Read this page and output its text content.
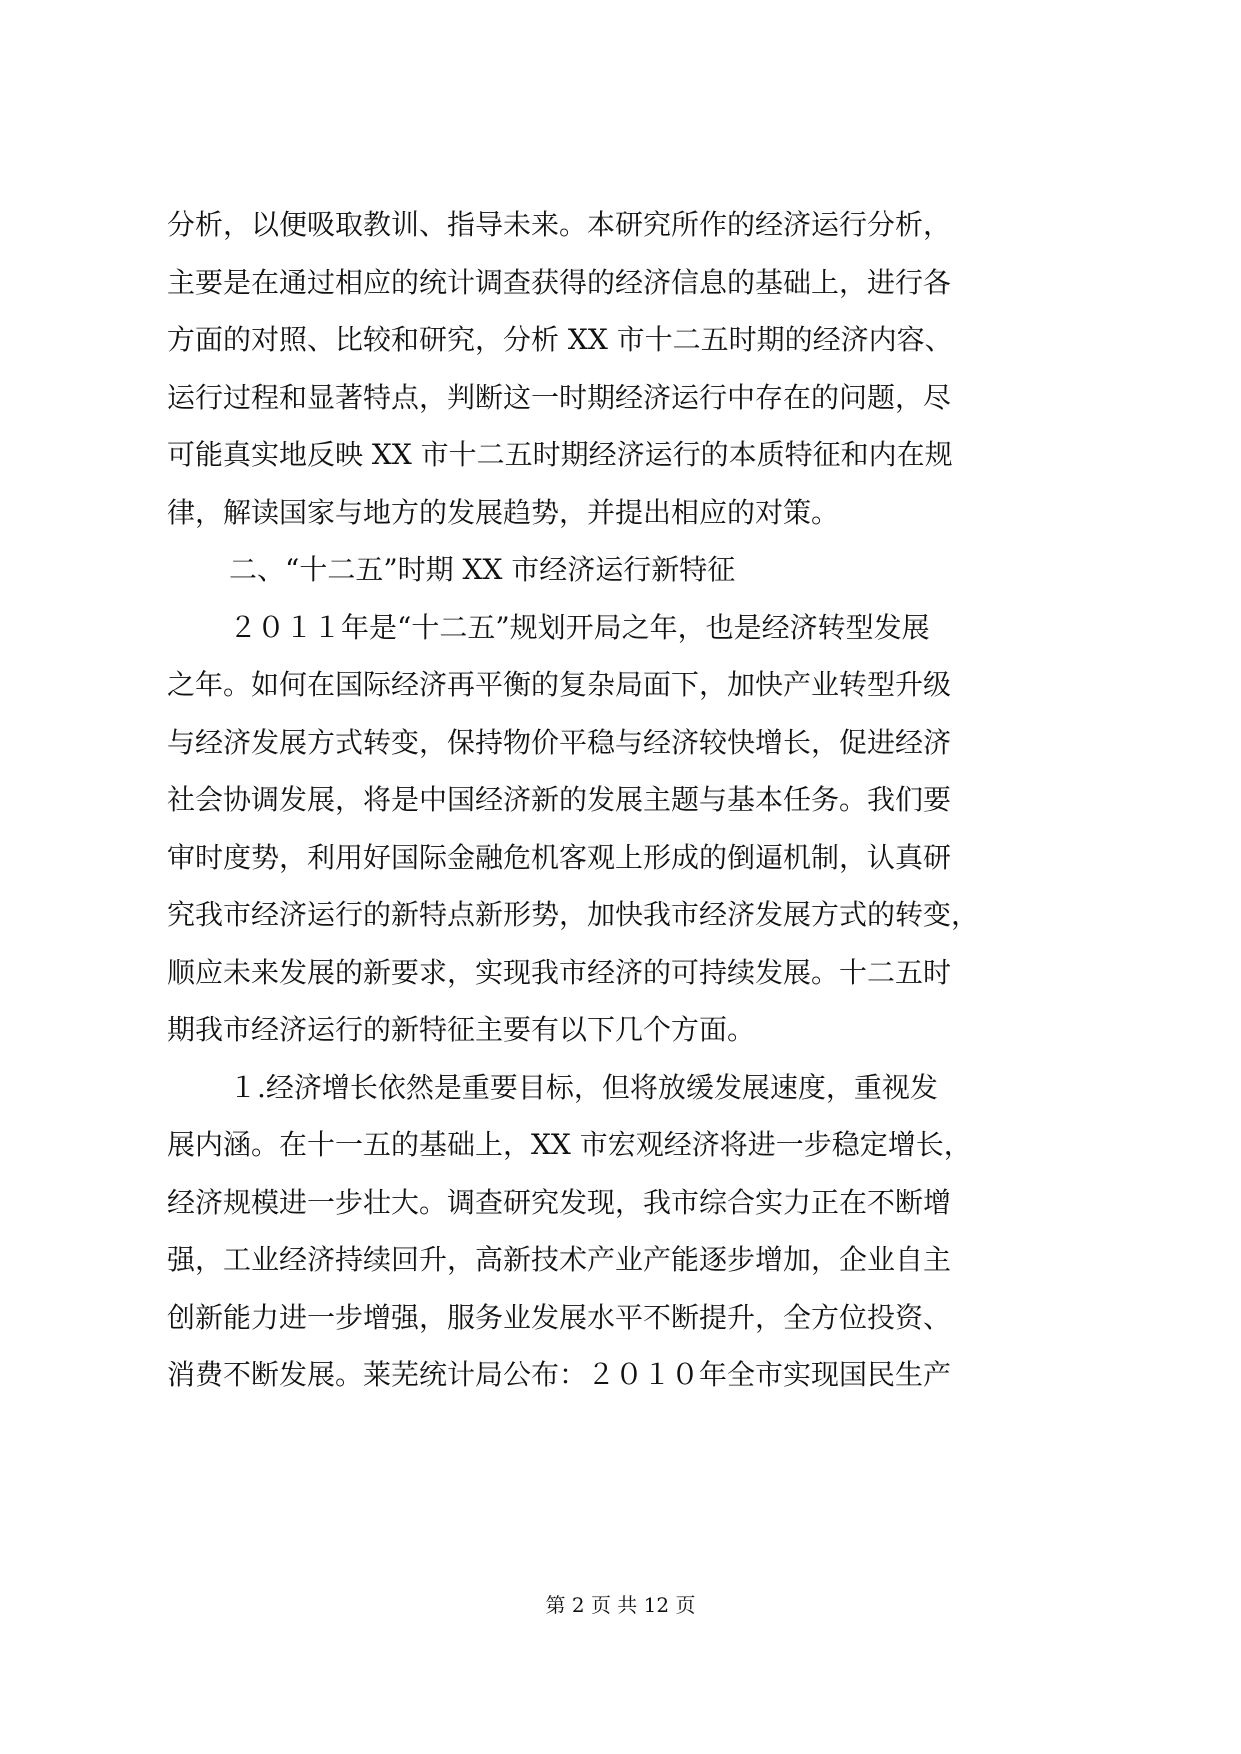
分析，以便吸取教训、指导未来。本研究所作的经济运行分析，
主要是在通过相应的统计调查获得的经济信息的基础上，进行各
方面的对照、比较和研究，分析 XX 市十二五时期的经济内容、
运行过程和显著特点，判断这一时期经济运行中存在的问题，尽
可能真实地反映 XX 市十二五时期经济运行的本质特征和内在规
律，解读国家与地方的发展趋势，并提出相应的对策。
二、“十二五”时期 XX 市经济运行新特征
２０１１年是“十二五”规划开局之年，也是经济转型发展
之年。如何在国际经济再平衡的复杂局面下，加快产业转型升级
与经济发展方式转变，保持物价平稳与经济较快增长，促进经济
社会协调发展，将是中国经济新的发展主题与基本任务。我们要
审时度势，利用好国际金融危机客观上形成的倒逼机制，认真研
究我市经济运行的新特点新形势，加快我市经济发展方式的转变，
顺应未来发展的新要求，实现我市经济的可持续发展。十二五时
期我市经济运行的新特征主要有以下几个方面。
１.经济增长依然是重要目标，但将放缓发展速度，重视发
展内涵。在十一五的基础上，XX 市宏观经济将进一步稳定增长，
经济规模进一步壮大。调查研究发现，我市综合实力正在不断增
强，工业经济持续回升，高新技术产业产能逐步增加，企业自主
创新能力进一步增强，服务业发展水平不断提升，全方位投资、
消费不断发展。莱芜统计局公布：２０１０年全市实现国民生产
第 2 页 共 12 页
